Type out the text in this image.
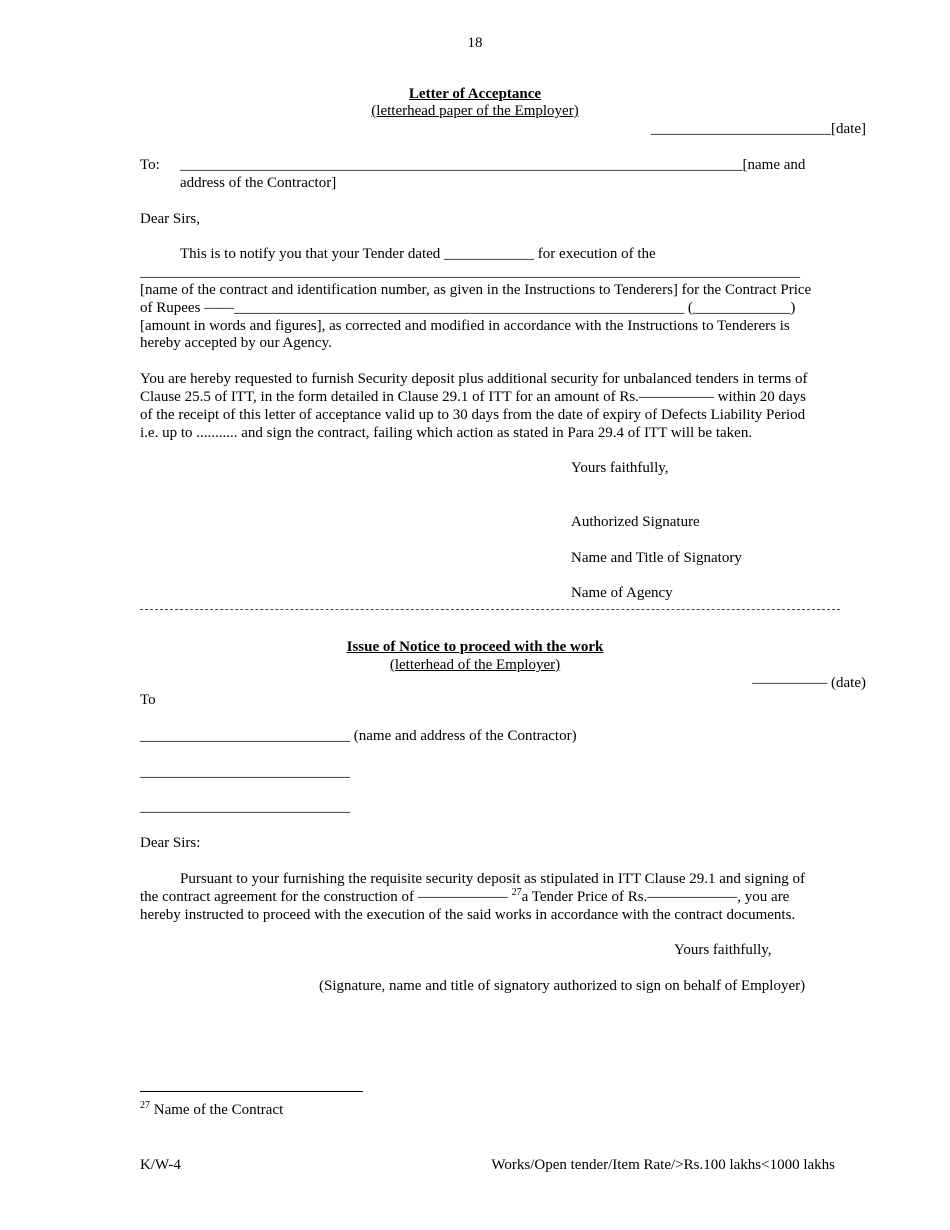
18
Letter of Acceptance
(letterhead paper of the Employer)
________________________[date]
To: ___________________________________________________________________________[name and
address of the Contractor]
Dear Sirs,
This is to notify you that your Tender dated ____________ for execution of the
________________________________________________________________________________________
[name of the contract and identification number, as given in the Instructions to Tenderers] for the Contract Price
of Rupees ——____________________________________________________________ (_____________)
[amount in words and figures], as corrected and modified in accordance with the Instructions to Tenderers is
hereby accepted by our Agency.
You are hereby requested to furnish Security deposit plus additional security for unbalanced tenders in terms of
Clause 25.5 of ITT, in the form detailed in Clause 29.1 of ITT for an amount of Rs.————— within 20 days
of the receipt of this letter of acceptance valid up to 30 days from the date of expiry of Defects Liability Period
i.e. up to ........... and sign the contract, failing which action as stated in Para 29.4 of ITT will be taken.
Yours faithfully,
Authorized Signature
Name and Title of Signatory
Name of Agency
Issue of Notice to proceed with the work
(letterhead of the Employer)
————— (date)
To
____________________________ (name and address of the Contractor)
____________________________
____________________________
Dear Sirs:
Pursuant to your furnishing the requisite security deposit as stipulated in ITT Clause 29.1 and signing of
the contract agreement for the construction of —————— $^{27}$a Tender Price of Rs.——————, you are
hereby instructed to proceed with the execution of the said works in accordance with the contract documents.
Yours faithfully,
(Signature, name and title of signatory authorized to sign on behalf of Employer)
$^{27}$ Name of the Contract
K/W-4	Works/Open tender/Item Rate/>Rs.100 lakhs<1000 lakhs
